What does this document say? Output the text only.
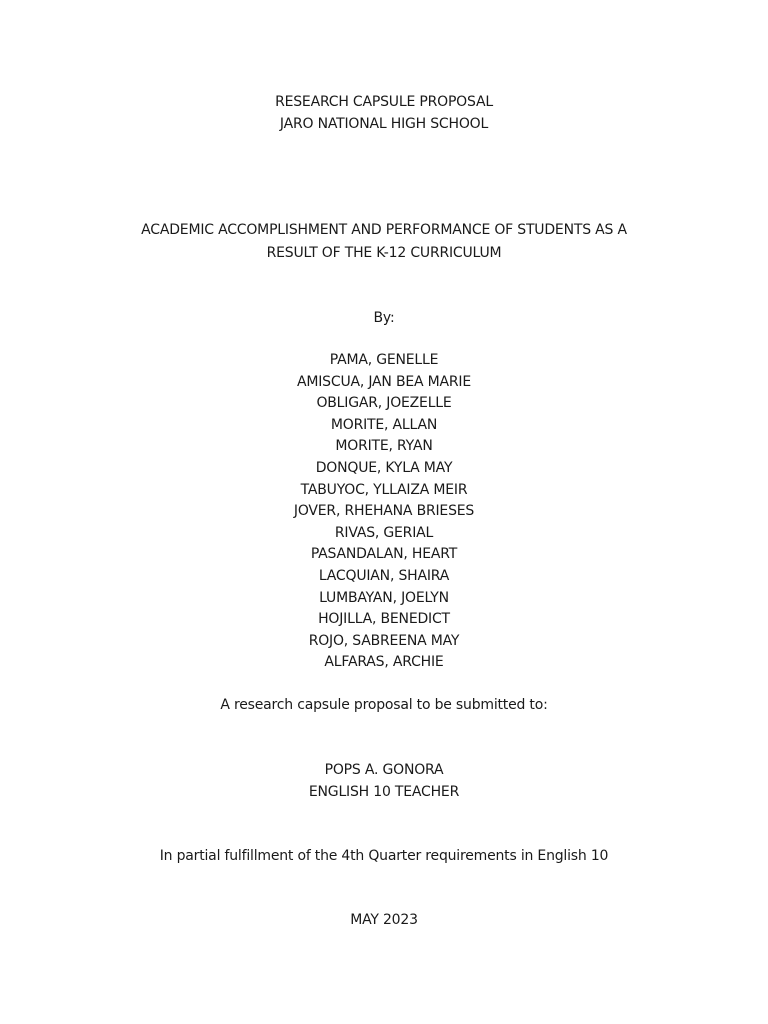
RESEARCH CAPSULE PROPOSAL
JARO NATIONAL HIGH SCHOOL
ACADEMIC ACCOMPLISHMENT AND PERFORMANCE OF STUDENTS AS A
RESULT OF THE K-12 CURRICULUM
By:
PAMA, GENELLE
AMISCUA, JAN BEA MARIE
OBLIGAR, JOEZELLE
MORITE, ALLAN
MORITE, RYAN
DONQUE, KYLA MAY
TABUYOC, YLLAIZA MEIR
JOVER, RHEHANA BRIESES
RIVAS, GERIAL
PASANDALAN, HEART
LACQUIAN, SHAIRA
LUMBAYAN, JOELYN
HOJILLA, BENEDICT
ROJO, SABREENA MAY
ALFARAS, ARCHIE
A research capsule proposal to be submitted to:
POPS A. GONORA
ENGLISH 10 TEACHER
In partial fulfillment of the 4th Quarter requirements in English 10
MAY 2023
